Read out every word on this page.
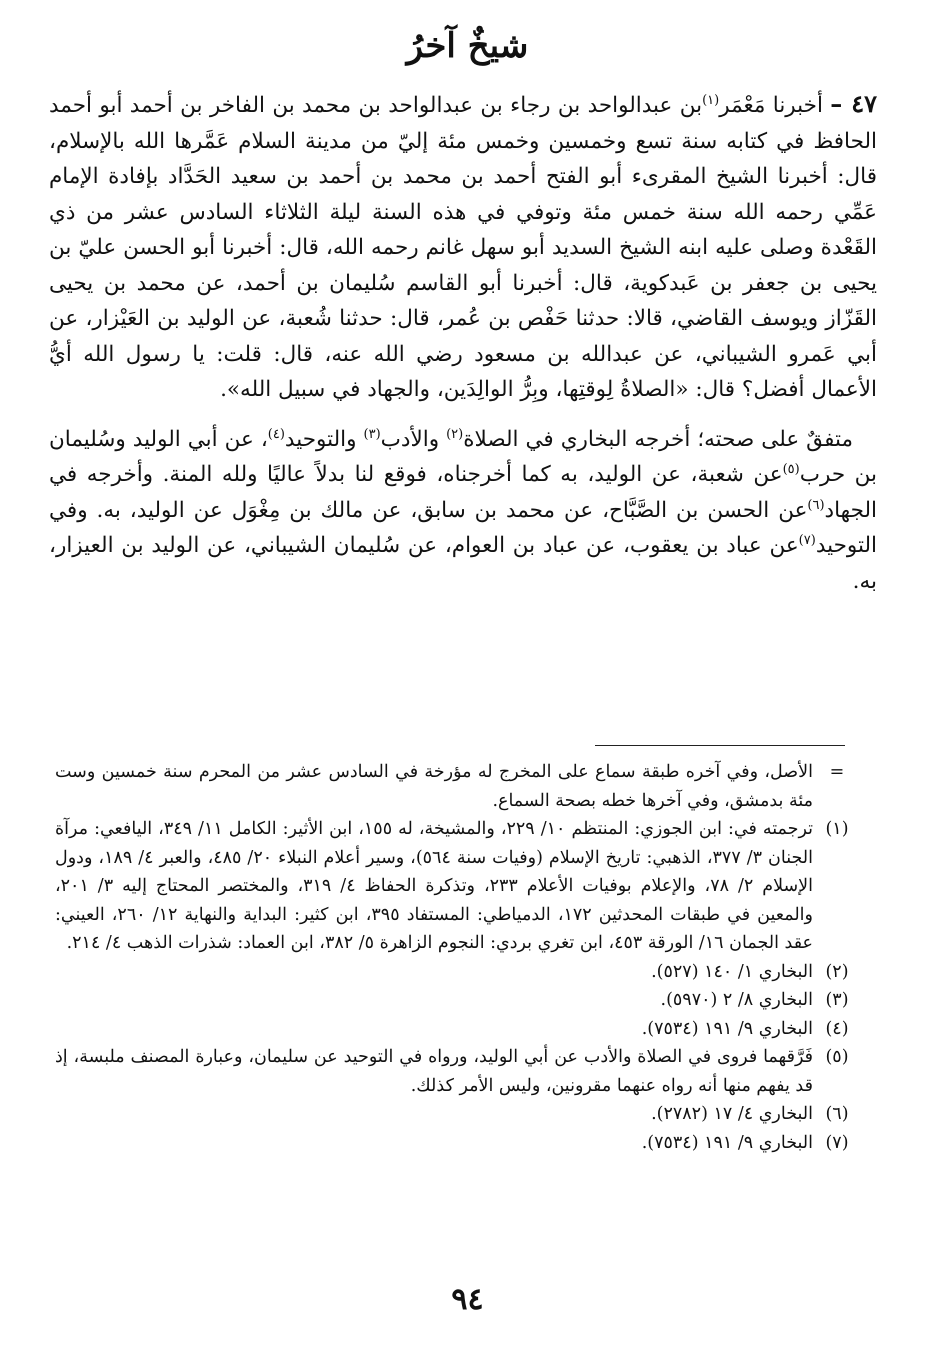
شيخٌ آخرُ

٤٧ – أخبرنا مَعْمَر$^{(١)}$بن عبدالواحد بن رجاء بن عبدالواحد بن محمد بن الفاخر بن أحمد أبو أحمد الحافظ في كتابه سنة تسع وخمسين وخمس مئة إليّ من مدينة السلام عَمَّرها الله بالإسلام، قال: أخبرنا الشيخ المقرىء أبو الفتح أحمد بن محمد بن أحمد بن سعيد الحَدَّاد بإفادة الإمام عَمِّي رحمه الله سنة خمس مئة وتوفي في هذه السنة ليلة الثلاثاء السادس عشر من ذي القَعْدة وصلى عليه ابنه الشيخ السديد أبو سهل غانم رحمه الله، قال: أخبرنا أبو الحسن عليّ بن يحيى بن جعفر بن عَبدكوية، قال: أخبرنا أبو القاسم سُليمان بن أحمد، عن محمد بن يحيى القَزّاز ويوسف القاضي، قالا: حدثنا حَفْص بن عُمر، قال: حدثنا شُعبة، عن الوليد بن العَيْزار، عن أبي عَمرو الشيباني، عن عبدالله بن مسعود رضي الله عنه، قال: قلت: يا رسول الله أيُّ الأعمال أفضل؟ قال: «الصلاةُ لِوقتِها، وبِرُّ الوالِدَين، والجهاد في سبيل الله».

متفقٌ على صحته؛ أخرجه البخاري في الصلاة$^{(٢)}$ والأدب$^{(٣)}$ والتوحيد$^{(٤)}$، عن أبي الوليد وسُليمان بن حرب$^{(٥)}$عن شعبة، عن الوليد، به كما أخرجناه، فوقع لنا بدلاً عاليًا ولله المنة. وأخرجه في الجهاد$^{(٦)}$عن الحسن بن الصَّبَّاح، عن محمد بن سابق، عن مالك بن مِغْوَل عن الوليد، به. وفي التوحيد$^{(٧)}$عن عباد بن يعقوب، عن عباد بن العوام، عن سُليمان الشيباني، عن الوليد بن العيزار، به.

=
الأصل، وفي آخره طبقة سماع على المخرج له مؤرخة في السادس عشر من المحرم سنة خمسين وست مئة بدمشق، وفي آخرها خطه بصحة السماع.

(١)
ترجمته في: ابن الجوزي: المنتظم ١٠/ ٢٢٩، والمشيخة، له ١٥٥، ابن الأثير: الكامل ١١/ ٣٤٩، اليافعي: مرآة الجنان ٣/ ٣٧٧، الذهبي: تاريخ الإسلام (وفيات سنة ٥٦٤)، وسير أعلام النبلاء ٢٠/ ٤٨٥، والعبر ٤/ ١٨٩، ودول الإسلام ٢/ ٧٨، والإعلام بوفيات الأعلام ٢٣٣، وتذكرة الحفاظ ٤/ ٣١٩، والمختصر المحتاج إليه ٣/ ٢٠١، والمعين في طبقات المحدثين ١٧٢، الدمياطي: المستفاد ٣٩٥، ابن كثير: البداية والنهاية ١٢/ ٢٦٠، العيني: عقد الجمان ١٦/ الورقة ٤٥٣، ابن تغري بردي: النجوم الزاهرة ٥/ ٣٨٢، ابن العماد: شذرات الذهب ٤/ ٢١٤.

(٢)
البخاري ١/ ١٤٠ (٥٢٧).

(٣)
البخاري ٨/ ٢ (٥٩٧٠).

(٤)
البخاري ٩/ ١٩١ (٧٥٣٤).

(٥)
فَرَّقهما فروى في الصلاة والأدب عن أبي الوليد، ورواه في التوحيد عن سليمان، وعبارة المصنف ملبسة، إذ قد يفهم منها أنه رواه عنهما مقرونين، وليس الأمر كذلك.

(٦)
البخاري ٤/ ١٧ (٢٧٨٢).

(٧)
البخاري ٩/ ١٩١ (٧٥٣٤).

٩٤
